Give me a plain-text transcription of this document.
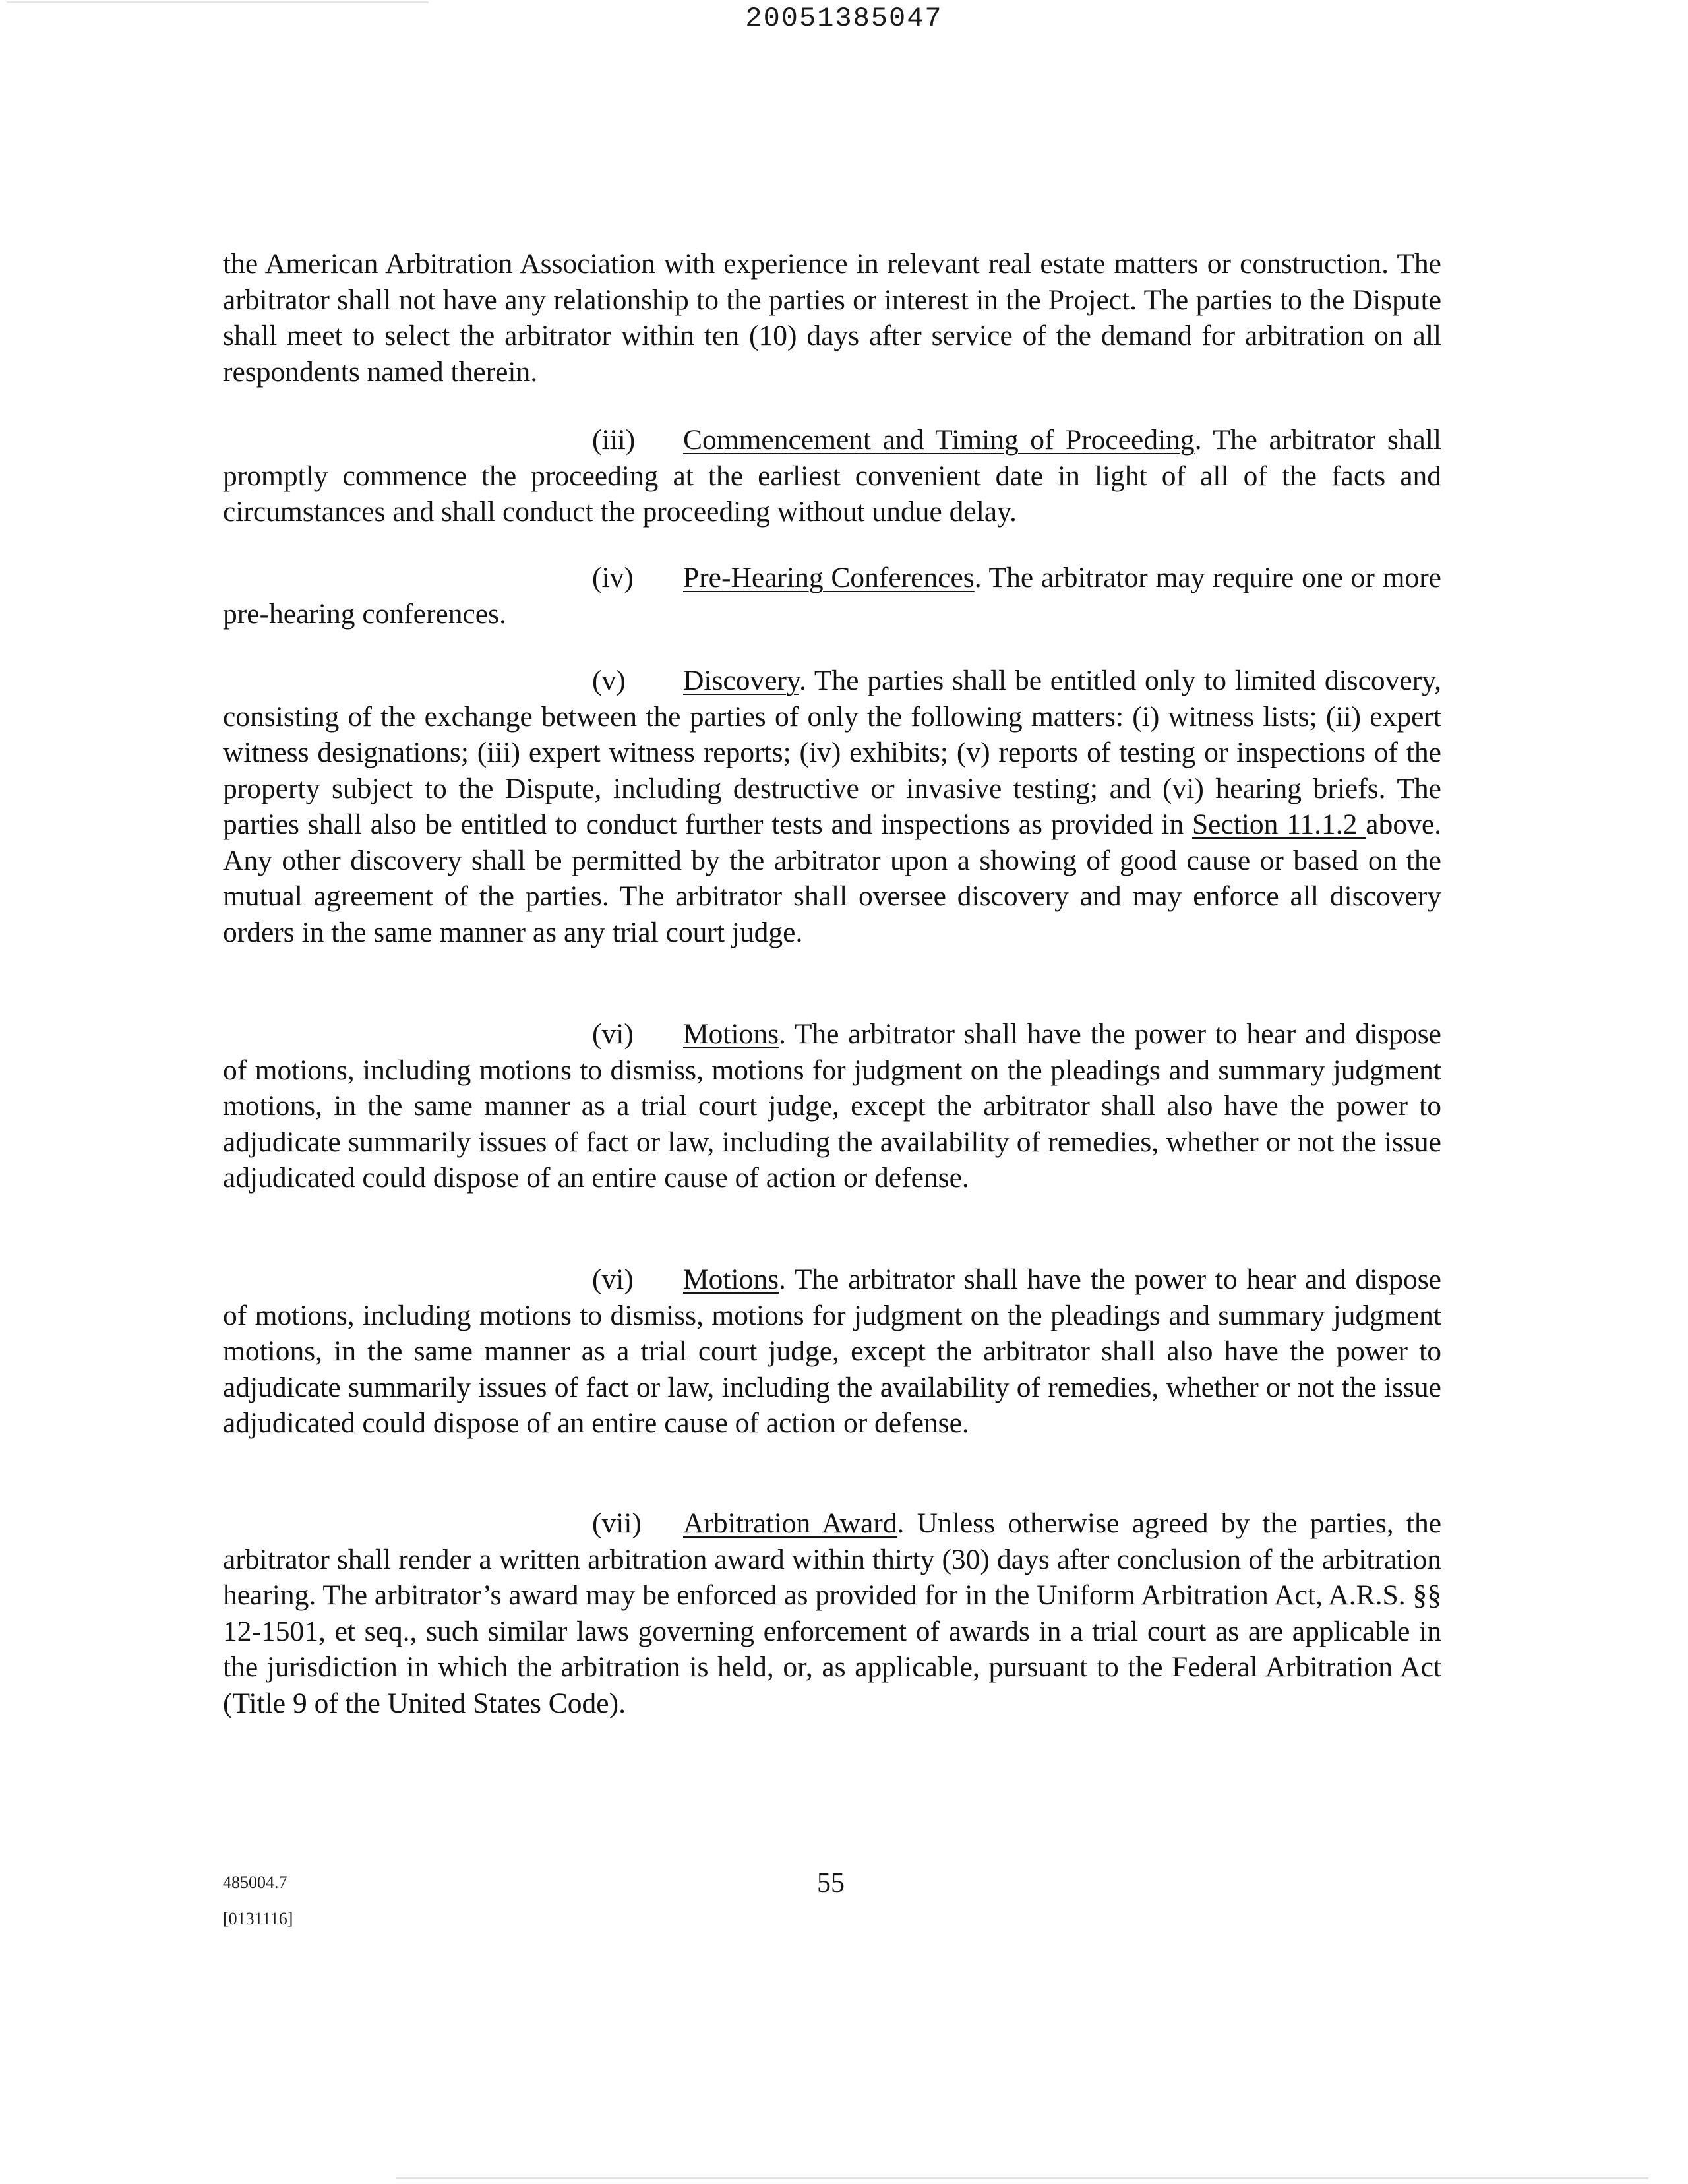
20051385047

the American Arbitration Association with experience in relevant real estate matters or construction. The arbitrator shall not have any relationship to the parties or interest in the Project. The parties to the Dispute shall meet to select the arbitrator within ten (10) days after service of the demand for arbitration on all respondents named therein.

(iii) Commencement and Timing of Proceeding. The arbitrator shall promptly commence the proceeding at the earliest convenient date in light of all of the facts and circumstances and shall conduct the proceeding without undue delay.

(iv) Pre-Hearing Conferences. The arbitrator may require one or more pre-hearing conferences.

(v) Discovery. The parties shall be entitled only to limited discovery, consisting of the exchange between the parties of only the following matters: (i) witness lists; (ii) expert witness designations; (iii) expert witness reports; (iv) exhibits; (v) reports of testing or inspections of the property subject to the Dispute, including destructive or invasive testing; and (vi) hearing briefs. The parties shall also be entitled to conduct further tests and inspections as provided in Section 11.1.2 above. Any other discovery shall be permitted by the arbitrator upon a showing of good cause or based on the mutual agreement of the parties. The arbitrator shall oversee discovery and may enforce all discovery orders in the same manner as any trial court judge.

(vi) Motions. The arbitrator shall have the power to hear and dispose of motions, including motions to dismiss, motions for judgment on the pleadings and summary judgment motions, in the same manner as a trial court judge, except the arbitrator shall also have the power to adjudicate summarily issues of fact or law, including the availability of remedies, whether or not the issue adjudicated could dispose of an entire cause of action or defense.

(vi) Motions. The arbitrator shall have the power to hear and dispose of motions, including motions to dismiss, motions for judgment on the pleadings and summary judgment motions, in the same manner as a trial court judge, except the arbitrator shall also have the power to adjudicate summarily issues of fact or law, including the availability of remedies, whether or not the issue adjudicated could dispose of an entire cause of action or defense.

(vii) Arbitration Award. Unless otherwise agreed by the parties, the arbitrator shall render a written arbitration award within thirty (30) days after conclusion of the arbitration hearing. The arbitrator’s award may be enforced as provided for in the Uniform Arbitration Act, A.R.S. §§ 12-1501, et seq., such similar laws governing enforcement of awards in a trial court as are applicable in the jurisdiction in which the arbitration is held, or, as applicable, pursuant to the Federal Arbitration Act (Title 9 of the United States Code).

55
485004.7
[0131116]
